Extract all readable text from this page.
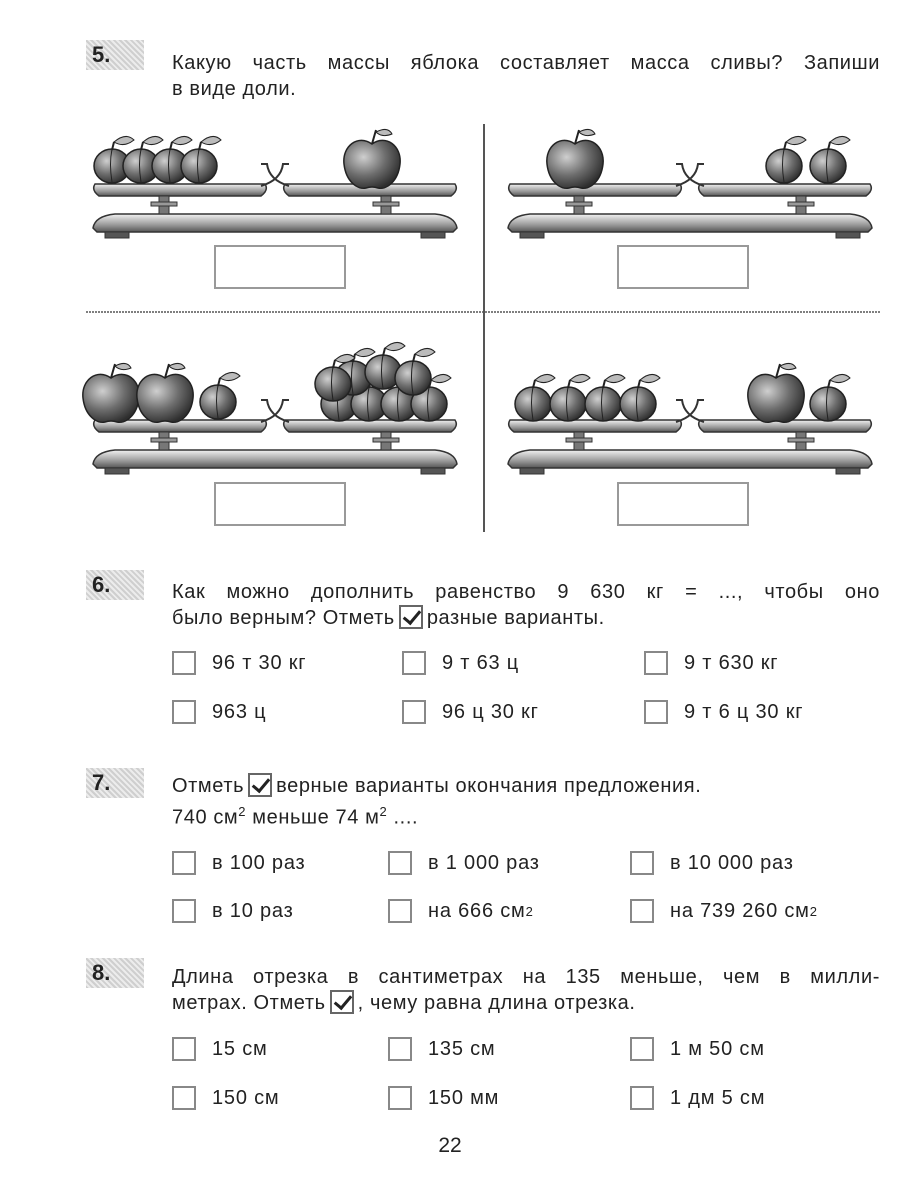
5.	Какую часть массы яблока составляет масса сливы? Запиши
в виде доли.
6.	Как можно дополнить равенство 9 630 кг = ..., чтобы оно
было верным? Отметь разные варианты.
96 т 30 кг	9 т 63 ц	9 т 630 кг
963 ц	96 ц 30 кг	9 т 6 ц 30 кг
7.	Отметь верные варианты окончания предложения.
740 $см^2$ меньше 74 $м^2$ ....
в 100 раз	в 1 000 раз	в 10 000 раз
в 10 раз	на 666 см 2	на 739 260 см 2
8.	Длина отрезка в сантиметрах на 135 меньше, чем в милли-
метрах. Отметь , чему равна длина отрезка.
15 см	135 см	1 м 50 см
150 см	150 мм	1 дм 5 см
22
